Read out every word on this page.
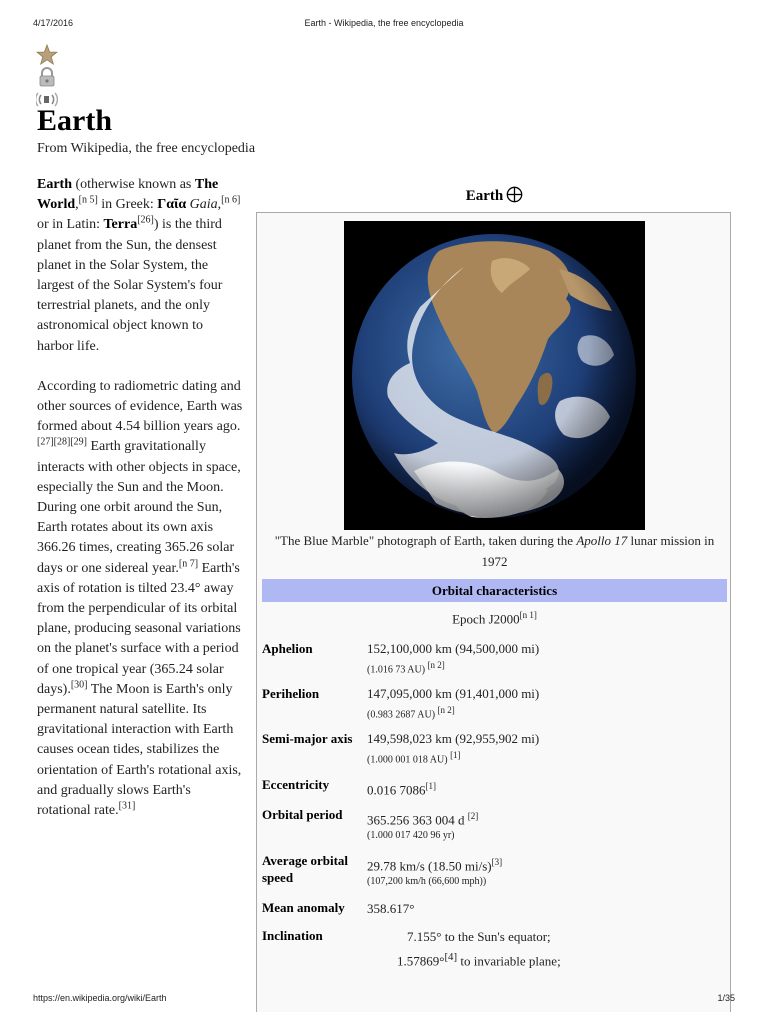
4/17/2016	Earth - Wikipedia, the free encyclopedia
Earth
From Wikipedia, the free encyclopedia

Earth (otherwise known as The World,[n 5] in Greek: Γαῖα Gaia,[n 6] or in Latin: Terra[26]) is the third planet from the Sun, the densest planet in the Solar System, the largest of the Solar System's four terrestrial planets, and the only astronomical object known to harbor life.

According to radiometric dating and other sources of evidence, Earth was formed about 4.54 billion years ago.[27][28][29] Earth gravitationally interacts with other objects in space, especially the Sun and the Moon. During one orbit around the Sun, Earth rotates about its own axis 366.26 times, creating 365.26 solar days or one sidereal year.[n 7] Earth's axis of rotation is tilted 23.4° away from the perpendicular of its orbital plane, producing seasonal variations on the planet's surface with a period of one tropical year (365.24 solar days).[30] The Moon is Earth's only permanent natural satellite. Its gravitational interaction with Earth causes ocean tides, stabilizes the orientation of Earth's rotational axis, and gradually slows Earth's rotational rate.[31]

Earth
"The Blue Marble" photograph of Earth, taken during the Apollo 17 lunar mission in 1972
Orbital characteristics
Epoch J2000[n 1]
Aphelion	152,100,000 km (94,500,000 mi)
(1.016 73 AU) [n 2]
Perihelion	147,095,000 km (91,401,000 mi)
(0.983 2687 AU) [n 2]
Semi-major axis	149,598,023 km (92,955,902 mi)
(1.000 001 018 AU) [1]
Eccentricity	0.016 7086[1]
Orbital period	365.256 363 004 d [2]
(1.000 017 420 96 yr)
Average orbital speed
29.78 km/s (18.50 mi/s)[3]
(107,200 km/h (66,600 mph))
Mean anomaly	358.617°
Inclination	7.155° to the Sun's equator;
1.57869°[4] to invariable plane;
https://en.wikipedia.org/wiki/Earth	1/35
